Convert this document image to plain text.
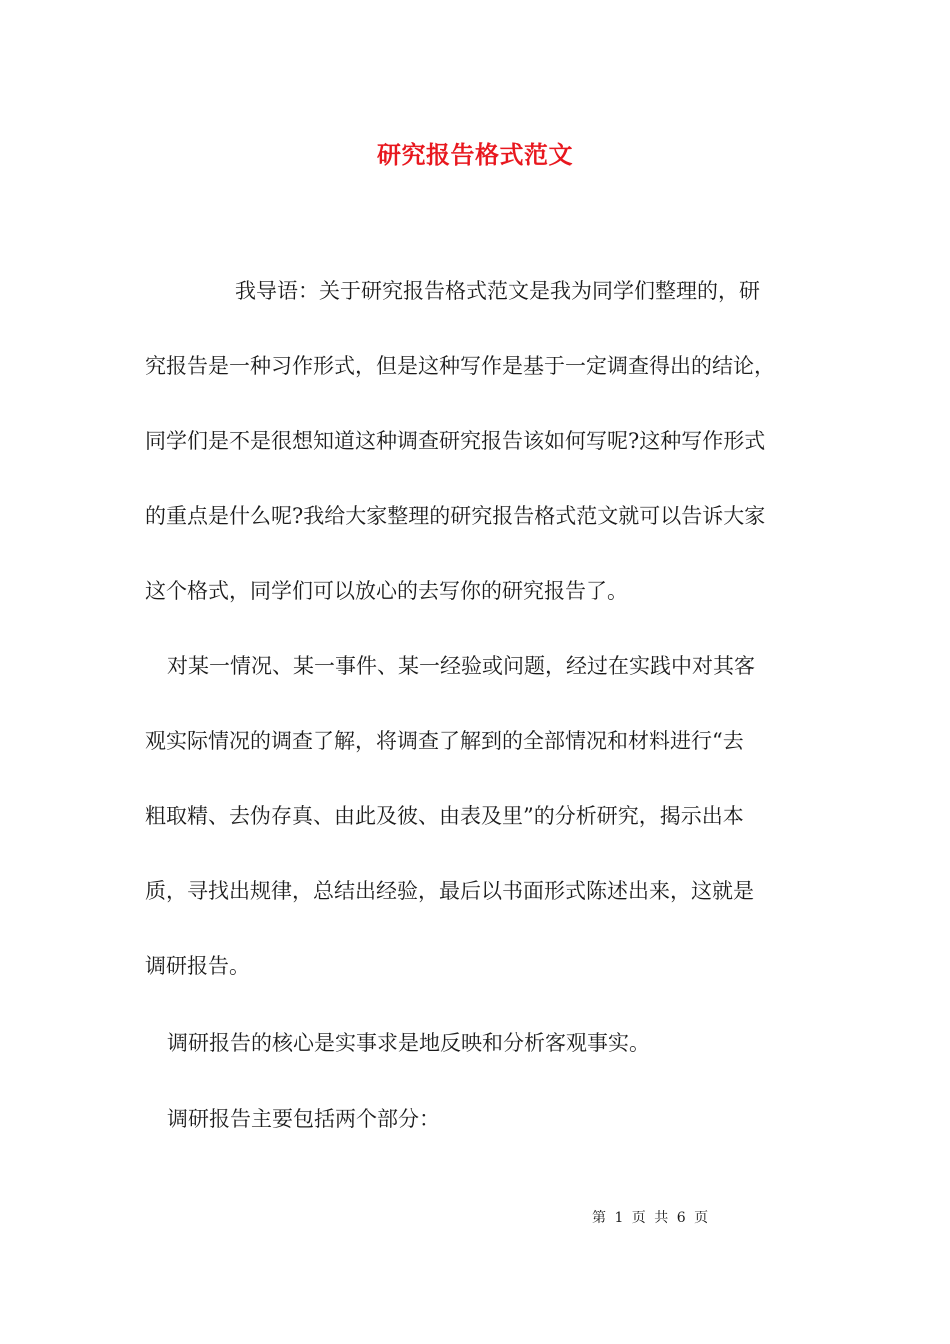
研究报告格式范文

我导语：关于研究报告格式范文是我为同学们整理的，研

究报告是一种习作形式，但是这种写作是基于一定调查得出的结论，

同学们是不是很想知道这种调查研究报告该如何写呢?这种写作形式

的重点是什么呢?我给大家整理的研究报告格式范文就可以告诉大家

这个格式，同学们可以放心的去写你的研究报告了。

对某一情况、某一事件、某一经验或问题，经过在实践中对其客

观实际情况的调查了解，将调查了解到的全部情况和材料进行“去

粗取精、去伪存真、由此及彼、由表及里”的分析研究，揭示出本

质，寻找出规律，总结出经验，最后以书面形式陈述出来，这就是

调研报告。

调研报告的核心是实事求是地反映和分析客观事实。

调研报告主要包括两个部分：

第 1 页 共 6 页
